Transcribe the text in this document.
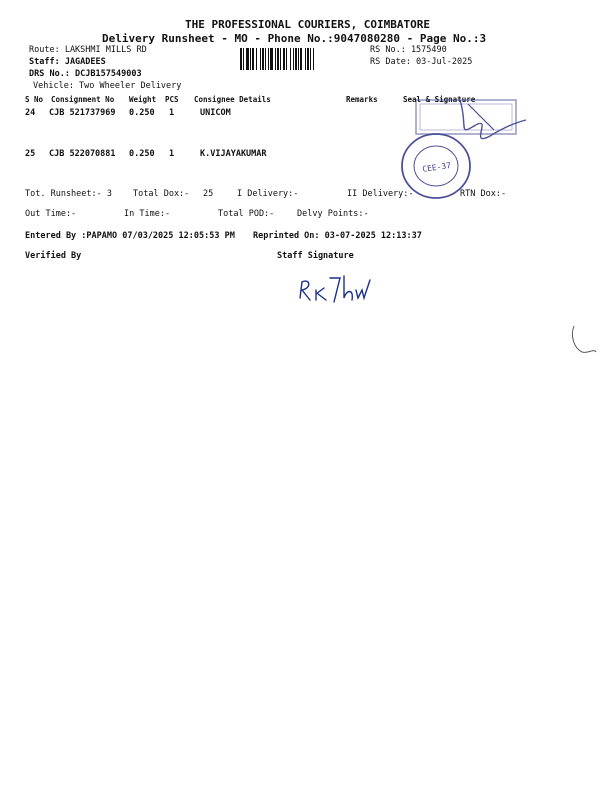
THE PROFESSIONAL COURIERS, COIMBATORE
Delivery Runsheet - MO - Phone No.:9047080280 - Page No.:3
Route: LAKSHMI MILLS RD
Staff: JAGADEES
DRS No.: DCJB157549003
Vehicle: Two Wheeler Delivery
RS No.: 1575490
RS Date: 03-Jul-2025
S No Consignment No Weight PCS Consignee Details	Remarks	Seal & Signature
24 CJB 521737969 0.250 1	UNICOM
25 CJB 522070881 0.250 1	K.VIJAYAKUMAR
CEE-37
Tot. Runsheet:- 3 Total Dox:- 25	I Delivery:-	II Delivery:-	RTN Dox:-
Out Time:-	In Time:-	Total POD:-	Delvy Points:-
Entered By :PAPAMO 07/03/2025 12:05:53 PM Reprinted On: 03-07-2025 12:13:37
Verified By	Staff Signature
